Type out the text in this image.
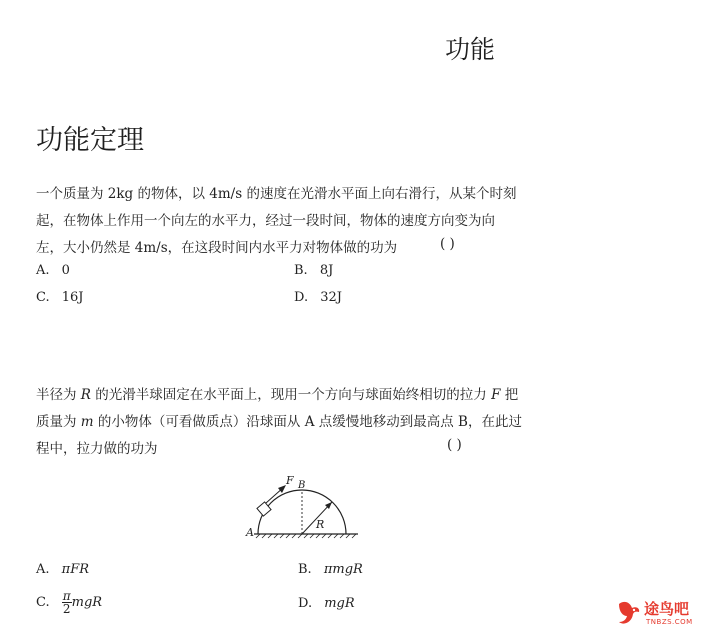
功能
功能定理
一个质量为 2kg 的物体，以 4m/s 的速度在光滑水平面上向右滑行，从某个时刻
起，在物体上作用一个向左的水平力，经过一段时间，物体的速度方向变为向
左，大小仍然是 4m/s，在这段时间内水平力对物体做的功为	( )
A. 0	B. 8J
C. 16J	D. 32J
半径为 R 的光滑半球固定在水平面上，现用一个方向与球面始终相切的拉力 F 把
质量为 m 的小物体（可看做质点）沿球面从 A 点缓慢地移动到最高点 B，在此过
程中，拉力做的功为	( )
F B
R
A
A. πFR	B. πmgR
C. $\frac{\pi}{2}$ mgR	D. mgR	途鸟吧
TNBZS.COM
